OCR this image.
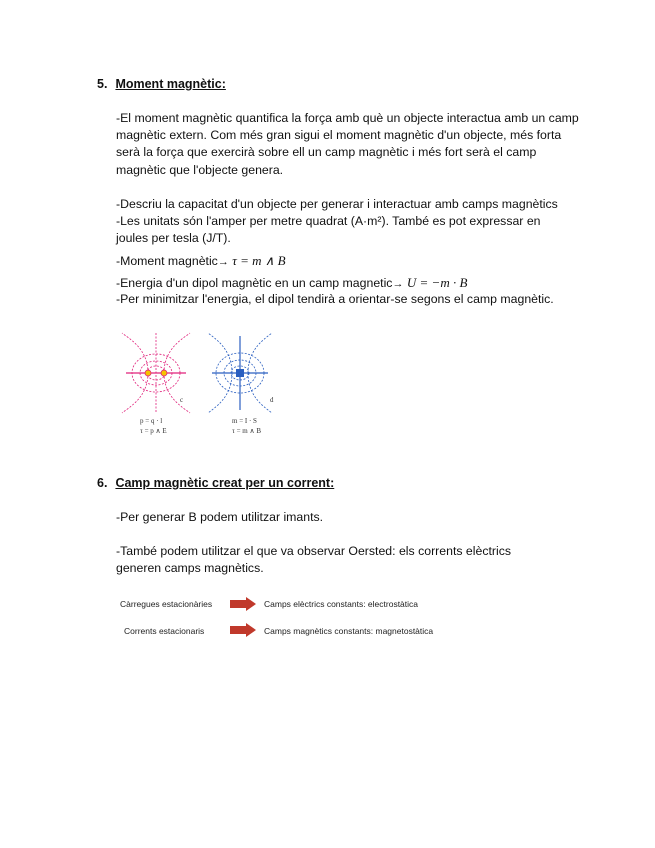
5. Moment magnètic:
-El moment magnètic quantifica la força amb què un objecte interactua amb un camp magnètic extern. Com més gran sigui el moment magnètic d'un objecte, més forta serà la força que exercirà sobre ell un camp magnètic i més fort serà el camp magnètic que l'objecte genera.
-Descriu la capacitat d'un objecte per generar i interactuar amb camps magnètics
-Les unitats són l'amper per metre quadrat (A·m²). També es pot expressar en joules per tesla (J/T).
-Moment magnètic→ τ = m ∧ B
-Energia d'un dipol magnètic en un camp magnetic→ U = −m · B
-Per minimitzar l'energia, el dipol tendirà a orientar-se segons el camp magnètic.
c	d
p = q · l
τ = p ∧ E
m = I · S
τ = m ∧ B
6. Camp magnètic creat per un corrent:
-Per generar B podem utilitzar imants.
-També podem utilitzar el que va observar Oersted: els corrents elèctrics generen camps magnètics.
Càrregues estacionàries	Camps elèctrics constants: electrostàtica
Corrents estacionaris	Camps magnètics constants: magnetostàtica
